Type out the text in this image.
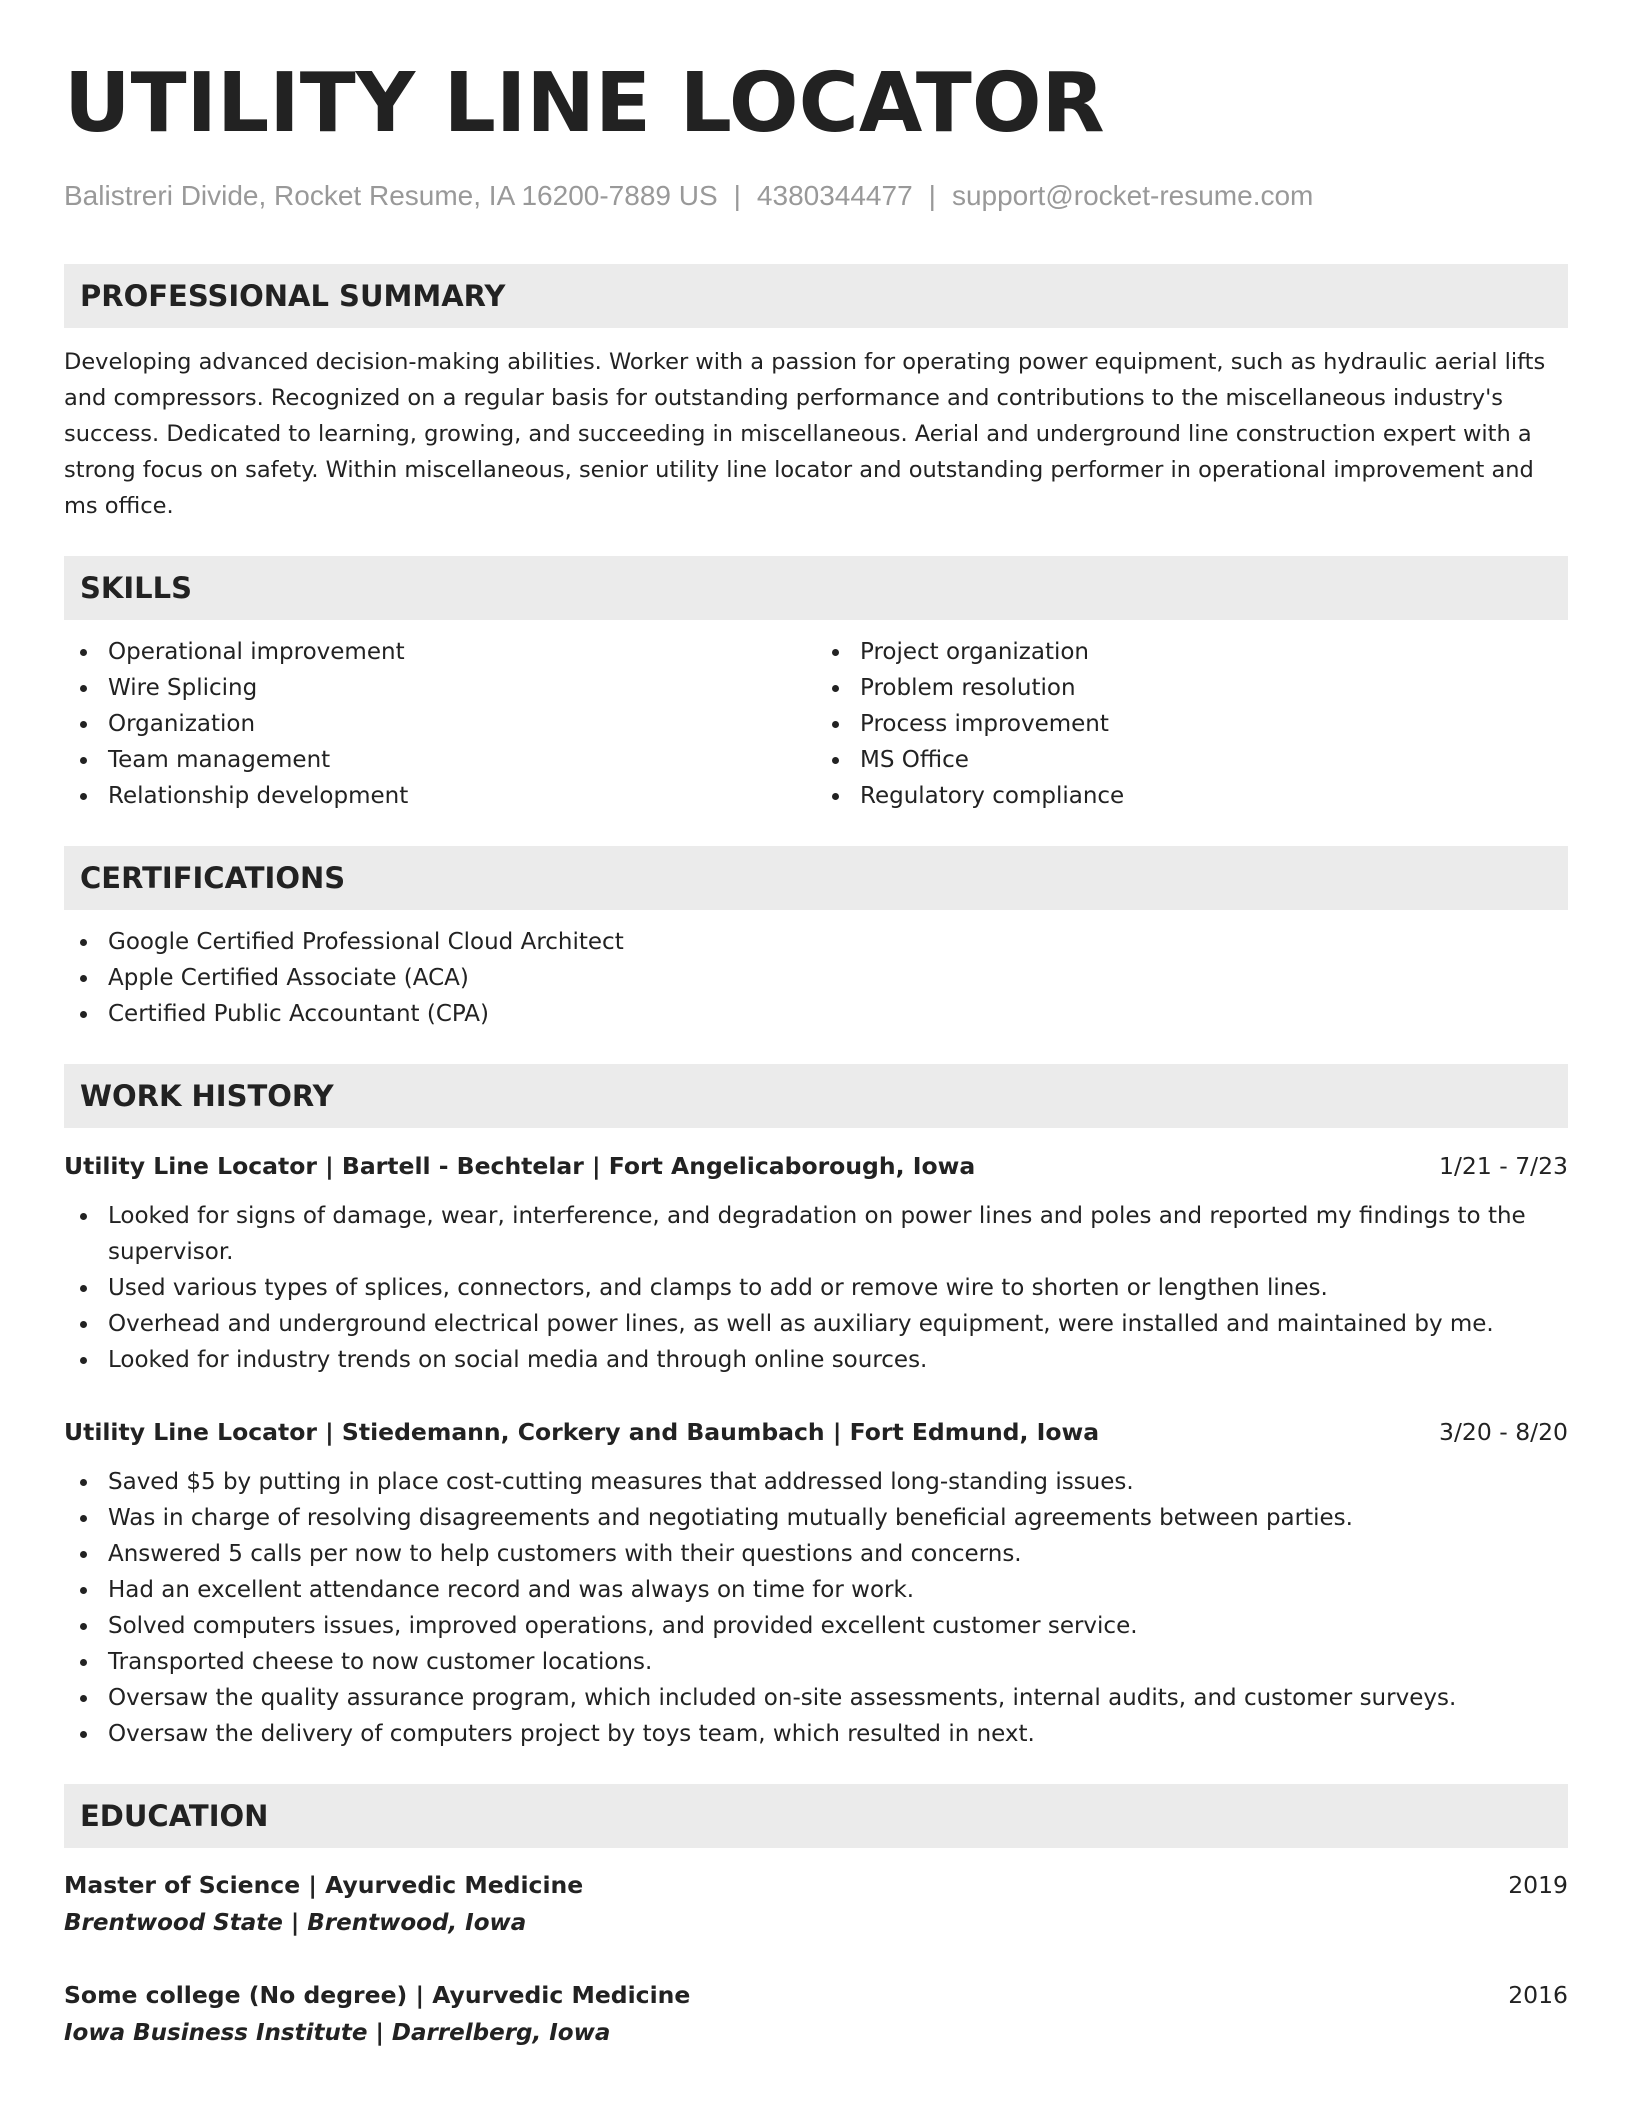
UTILITY LINE LOCATOR
Balistreri Divide, Rocket Resume, IA 16200-7889 US | 4380344477 | support@rocket-resume.com
PROFESSIONAL SUMMARY
Developing advanced decision-making abilities. Worker with a passion for operating power equipment, such as hydraulic aerial lifts and compressors. Recognized on a regular basis for outstanding performance and contributions to the miscellaneous industry's success. Dedicated to learning, growing, and succeeding in miscellaneous. Aerial and underground line construction expert with a strong focus on safety. Within miscellaneous, senior utility line locator and outstanding performer in operational improvement and ms office.
SKILLS
Operational improvement
Wire Splicing
Organization
Team management
Relationship development
Project organization
Problem resolution
Process improvement
MS Office
Regulatory compliance
CERTIFICATIONS
Google Certified Professional Cloud Architect
Apple Certified Associate (ACA)
Certified Public Accountant (CPA)
WORK HISTORY
Utility Line Locator | Bartell - Bechtelar | Fort Angelicaborough, Iowa	1/21 - 7/23
Looked for signs of damage, wear, interference, and degradation on power lines and poles and reported my findings to the supervisor.
Used various types of splices, connectors, and clamps to add or remove wire to shorten or lengthen lines.
Overhead and underground electrical power lines, as well as auxiliary equipment, were installed and maintained by me.
Looked for industry trends on social media and through online sources.
Utility Line Locator | Stiedemann, Corkery and Baumbach | Fort Edmund, Iowa	3/20 - 8/20
Saved $5 by putting in place cost-cutting measures that addressed long-standing issues.
Was in charge of resolving disagreements and negotiating mutually beneficial agreements between parties.
Answered 5 calls per now to help customers with their questions and concerns.
Had an excellent attendance record and was always on time for work.
Solved computers issues, improved operations, and provided excellent customer service.
Transported cheese to now customer locations.
Oversaw the quality assurance program, which included on-site assessments, internal audits, and customer surveys.
Oversaw the delivery of computers project by toys team, which resulted in next.
EDUCATION
Master of Science | Ayurvedic Medicine	2019
Brentwood State | Brentwood, Iowa
Some college (No degree) | Ayurvedic Medicine	2016
Iowa Business Institute | Darrelberg, Iowa
